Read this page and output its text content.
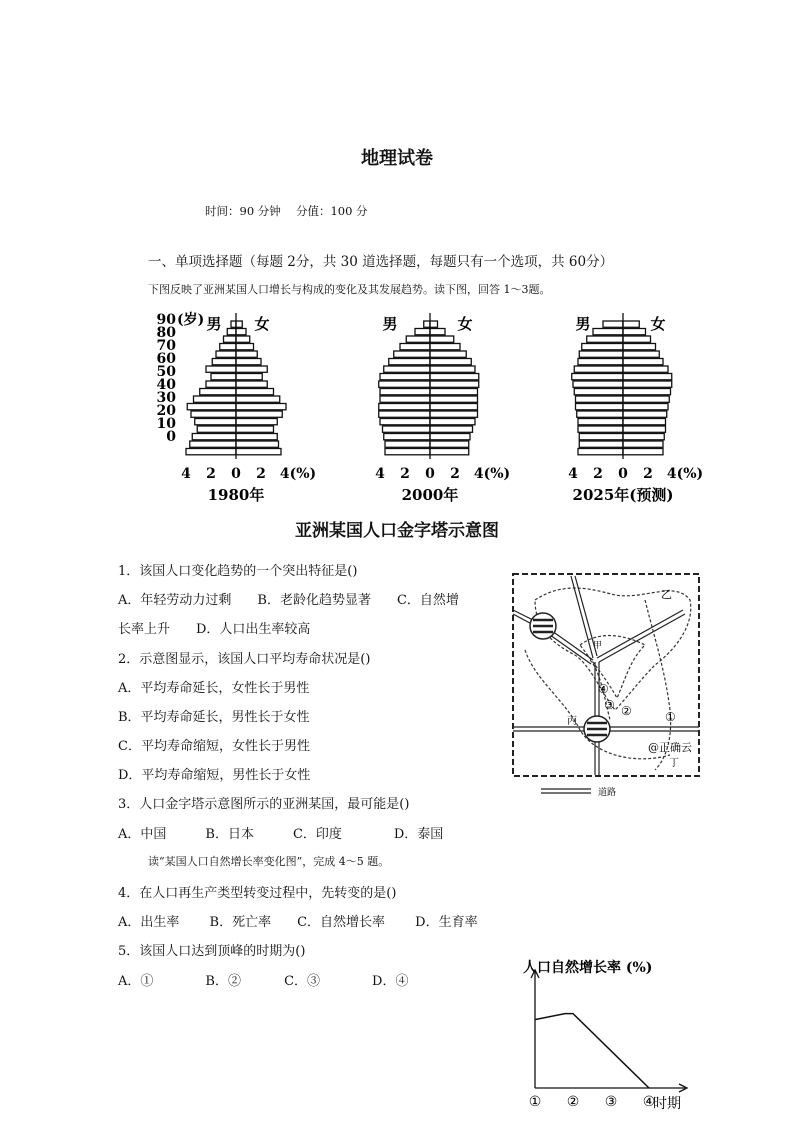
地理试卷
时间：90 分钟　 分值：100 分
一、单项选择题（每题 2分，共 30 道选择题，每题只有一个选项，共 60分）
下图反映了亚洲某国人口增长与构成的变化及其发展趋势。读下图，回答 1～3题。
男 女
4 2 0 2 4(%)
1980年
男	女
4 2 0 2 4(%)
2000年
男	女
4 2 0 2 4(%)
2025年(预测)
90
80
70
60
50
40
30
20
10
0
(岁)
亚洲某国人口金字塔示意图
1．该国人口变化趋势的一个突出特征是()
A．年轻劳动力过剩　　B．老龄化趋势显著　　C．自然增
长率上升　　D．人口出生率较高
2．示意图显示，该国人口平均寿命状况是()
A．平均寿命延长，女性长于男性
B．平均寿命延长，男性长于女性
C．平均寿命缩短，女性长于男性
D．平均寿命缩短，男性长于女性
3．人口金字塔示意图所示的亚洲某国，最可能是()
A．中国　　　B．日本　　　C．印度　　　　D．泰国
乙
甲
丙
丁
①
②
③
④
@正确云
道路
读“某国人口自然增长率变化图”，完成 4～5 题。
4．在人口再生产类型转变过程中，先转变的是()
A．出生率　　 B．死亡率　　C．自然增长率　　 D．生育率
5．该国人口达到顶峰的时期为()
A．①　　　　B．②　　　 C．③　　　　D．④
人口自然增长率 (%)
① ② ③ ④
时期
